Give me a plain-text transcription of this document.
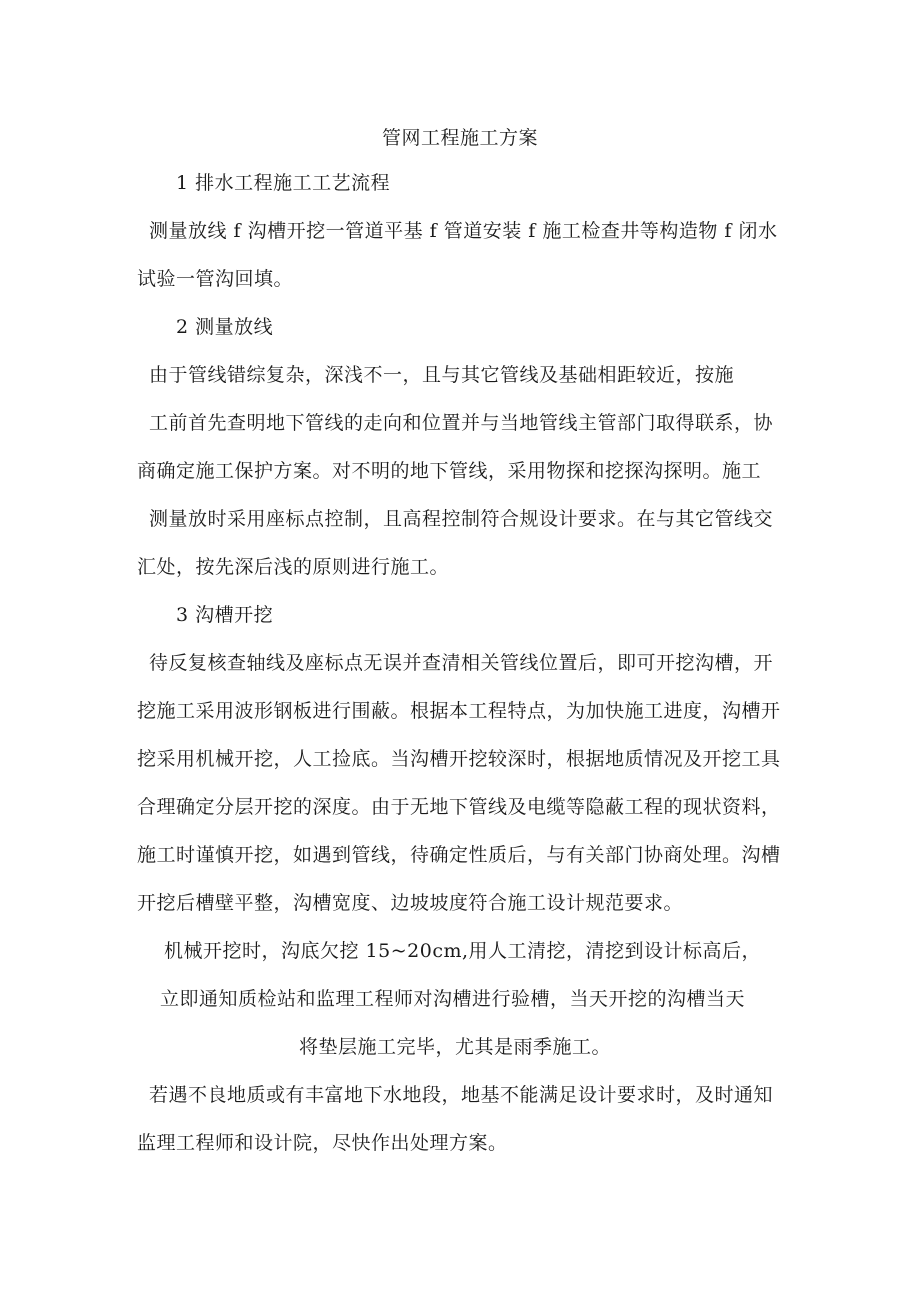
管网工程施工方案
1 排水工程施工工艺流程
测量放线 f 沟槽开挖一管道平基 f 管道安装 f 施工检查井等构造物 f 闭水
试验一管沟回填。
2 测量放线
由于管线错综复杂，深浅不一，且与其它管线及基础相距较近，按施
工前首先查明地下管线的走向和位置并与当地管线主管部门取得联系，协
商确定施工保护方案。对不明的地下管线，采用物探和挖探沟探明。施工
测量放时采用座标点控制，且高程控制符合规设计要求。在与其它管线交
汇处，按先深后浅的原则进行施工。
3 沟槽开挖
待反复核查轴线及座标点无误并查清相关管线位置后，即可开挖沟槽，开
挖施工采用波形钢板进行围蔽。根据本工程特点，为加快施工进度，沟槽开
挖采用机械开挖，人工捡底。当沟槽开挖较深时，根据地质情况及开挖工具
合理确定分层开挖的深度。由于无地下管线及电缆等隐蔽工程的现状资料，
施工时谨慎开挖，如遇到管线，待确定性质后，与有关部门协商处理。沟槽
开挖后槽壁平整，沟槽宽度、边坡坡度符合施工设计规范要求。
机械开挖时，沟底欠挖 15~20cm,用人工清挖，清挖到设计标高后，
立即通知质检站和监理工程师对沟槽进行验槽，当天开挖的沟槽当天
将垫层施工完毕，尤其是雨季施工。
若遇不良地质或有丰富地下水地段，地基不能满足设计要求时，及时通知
监理工程师和设计院，尽快作出处理方案。
